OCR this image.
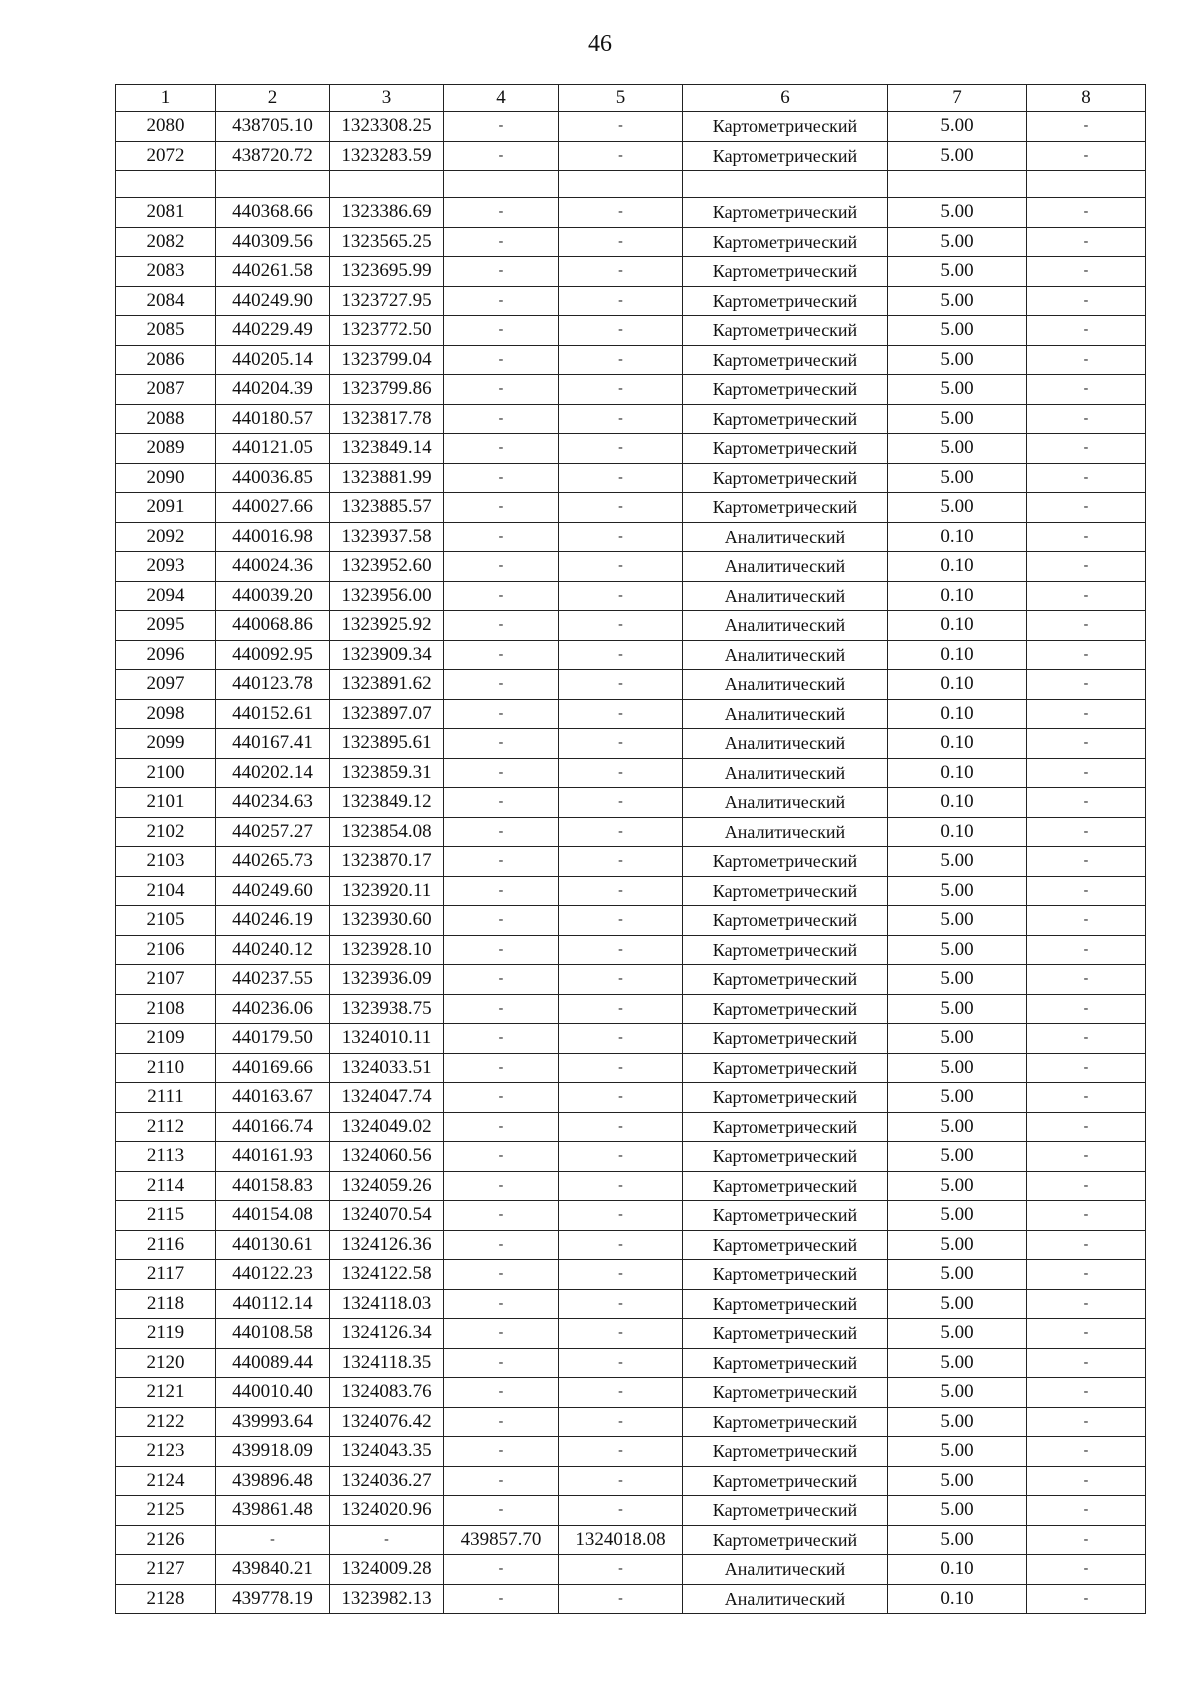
46
1	2	3	4	5	6	7	8
2080	438705.10	1323308.25	-	-	Картометрический	5.00	-
2072	438720.72	1323283.59	-	-	Картометрический	5.00	-

2081	440368.66	1323386.69	-	-	Картометрический	5.00	-
2082	440309.56	1323565.25	-	-	Картометрический	5.00	-
2083	440261.58	1323695.99	-	-	Картометрический	5.00	-
2084	440249.90	1323727.95	-	-	Картометрический	5.00	-
2085	440229.49	1323772.50	-	-	Картометрический	5.00	-
2086	440205.14	1323799.04	-	-	Картометрический	5.00	-
2087	440204.39	1323799.86	-	-	Картометрический	5.00	-
2088	440180.57	1323817.78	-	-	Картометрический	5.00	-
2089	440121.05	1323849.14	-	-	Картометрический	5.00	-
2090	440036.85	1323881.99	-	-	Картометрический	5.00	-
2091	440027.66	1323885.57	-	-	Картометрический	5.00	-
2092	440016.98	1323937.58	-	-	Аналитический	0.10	-
2093	440024.36	1323952.60	-	-	Аналитический	0.10	-
2094	440039.20	1323956.00	-	-	Аналитический	0.10	-
2095	440068.86	1323925.92	-	-	Аналитический	0.10	-
2096	440092.95	1323909.34	-	-	Аналитический	0.10	-
2097	440123.78	1323891.62	-	-	Аналитический	0.10	-
2098	440152.61	1323897.07	-	-	Аналитический	0.10	-
2099	440167.41	1323895.61	-	-	Аналитический	0.10	-
2100	440202.14	1323859.31	-	-	Аналитический	0.10	-
2101	440234.63	1323849.12	-	-	Аналитический	0.10	-
2102	440257.27	1323854.08	-	-	Аналитический	0.10	-
2103	440265.73	1323870.17	-	-	Картометрический	5.00	-
2104	440249.60	1323920.11	-	-	Картометрический	5.00	-
2105	440246.19	1323930.60	-	-	Картометрический	5.00	-
2106	440240.12	1323928.10	-	-	Картометрический	5.00	-
2107	440237.55	1323936.09	-	-	Картометрический	5.00	-
2108	440236.06	1323938.75	-	-	Картометрический	5.00	-
2109	440179.50	1324010.11	-	-	Картометрический	5.00	-
2110	440169.66	1324033.51	-	-	Картометрический	5.00	-
2111	440163.67	1324047.74	-	-	Картометрический	5.00	-
2112	440166.74	1324049.02	-	-	Картометрический	5.00	-
2113	440161.93	1324060.56	-	-	Картометрический	5.00	-
2114	440158.83	1324059.26	-	-	Картометрический	5.00	-
2115	440154.08	1324070.54	-	-	Картометрический	5.00	-
2116	440130.61	1324126.36	-	-	Картометрический	5.00	-
2117	440122.23	1324122.58	-	-	Картометрический	5.00	-
2118	440112.14	1324118.03	-	-	Картометрический	5.00	-
2119	440108.58	1324126.34	-	-	Картометрический	5.00	-
2120	440089.44	1324118.35	-	-	Картометрический	5.00	-
2121	440010.40	1324083.76	-	-	Картометрический	5.00	-
2122	439993.64	1324076.42	-	-	Картометрический	5.00	-
2123	439918.09	1324043.35	-	-	Картометрический	5.00	-
2124	439896.48	1324036.27	-	-	Картометрический	5.00	-
2125	439861.48	1324020.96	-	-	Картометрический	5.00	-
2126	-	-	439857.70	1324018.08	Картометрический	5.00	-
2127	439840.21	1324009.28	-	-	Аналитический	0.10	-
2128	439778.19	1323982.13	-	-	Аналитический	0.10	-
